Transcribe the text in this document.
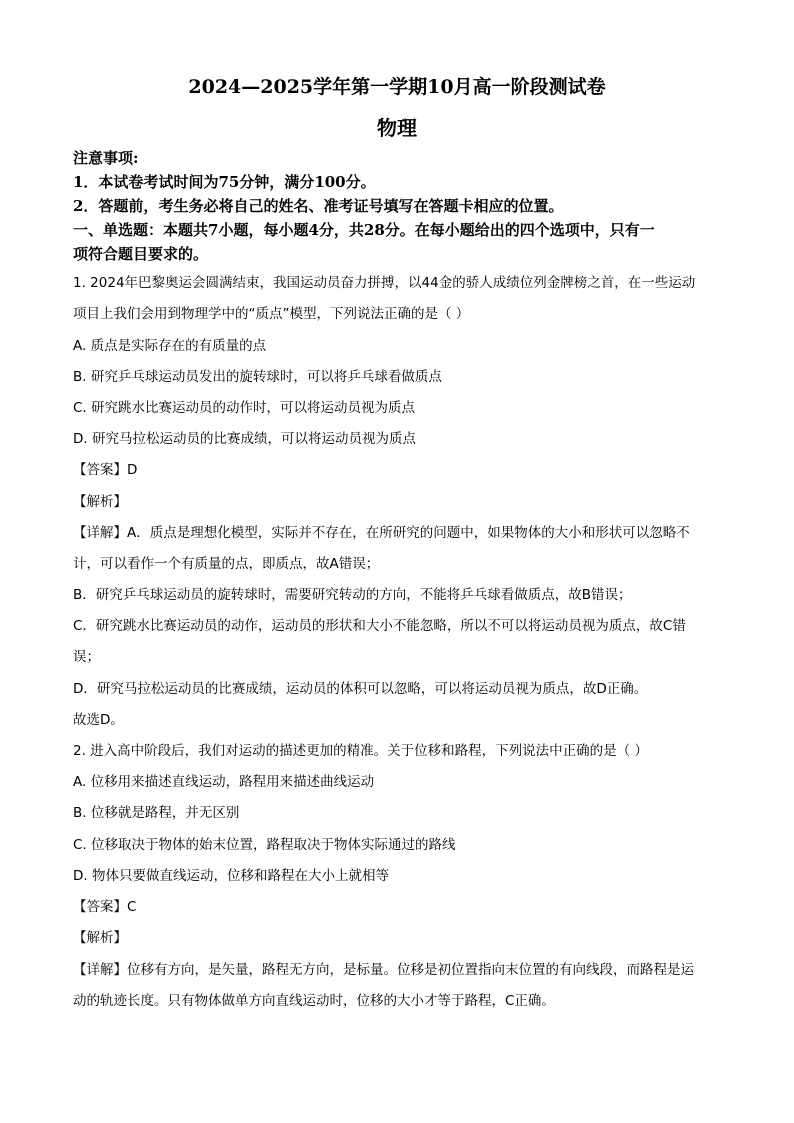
2024—2025学年第一学期10月高一阶段测试卷
物理
注意事项:
1．本试卷考试时间为75分钟，满分100分。
2．答题前，考生务必将自己的姓名、准考证号填写在答题卡相应的位置。
一、单选题：本题共7小题，每小题4分，共28分。在每小题给出的四个选项中，只有一
项符合题目要求的。
1. 2024年巴黎奥运会圆满结束，我国运动员奋力拼搏，以44金的骄人成绩位列金牌榜之首，在一些运动
项目上我们会用到物理学中的“质点”模型，下列说法正确的是（ ）
A. 质点是实际存在的有质量的点
B. 研究乒乓球运动员发出的旋转球时，可以将乒乓球看做质点
C. 研究跳水比赛运动员的动作时，可以将运动员视为质点
D. 研究马拉松运动员的比赛成绩，可以将运动员视为质点
【答案】D
【解析】
【详解】A．质点是理想化模型，实际并不存在，在所研究的问题中，如果物体的大小和形状可以忽略不
计，可以看作一个有质量的点，即质点，故A错误；
B．研究乒乓球运动员的旋转球时，需要研究转动的方向，不能将乒乓球看做质点，故B错误；
C．研究跳水比赛运动员的动作，运动员的形状和大小不能忽略，所以不可以将运动员视为质点，故C错
误；
D．研究马拉松运动员的比赛成绩，运动员的体积可以忽略，可以将运动员视为质点，故D正确。
故选D。
2. 进入高中阶段后，我们对运动的描述更加的精准。关于位移和路程，下列说法中正确的是（ ）
A. 位移用来描述直线运动，路程用来描述曲线运动
B. 位移就是路程，并无区别
C. 位移取决于物体的始末位置，路程取决于物体实际通过的路线
D. 物体只要做直线运动，位移和路程在大小上就相等
【答案】C
【解析】
【详解】位移有方向，是矢量，路程无方向，是标量。位移是初位置指向末位置的有向线段，而路程是运
动的轨迹长度。只有物体做单方向直线运动时，位移的大小才等于路程，C正确。
